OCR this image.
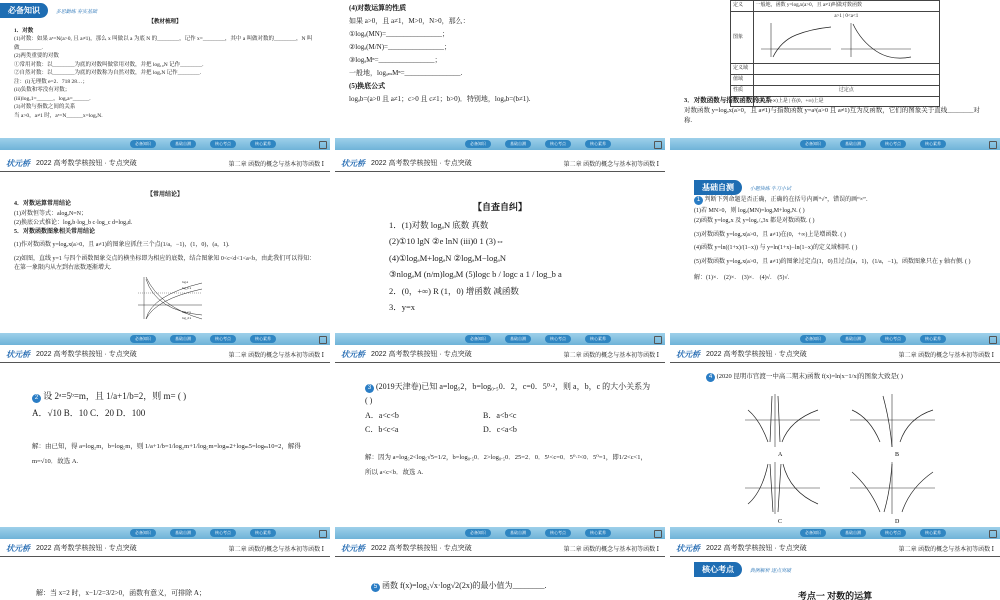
必备知识	多思勤练 夯实基础
【教材梳理】
1．对数
(1)对数：如果 aˣ=N(a>0, 且 a≠1)，那么 x 叫做以 a 为底 N 的________，记作 x=________，其中 a 叫做对数的________，N 叫做________.
(2)两类重要的对数
①常用对数：以________为底的对数叫做常用对数，并把 log₁₀N 记作________.
②自然对数：以________为底的对数称为自然对数，并把 logₑN 记作________.
注：(i)无理数 e=2．718 28…；
(ii)负数和零没有对数；
(iii)logₐ1=______，logₐa=______.
(3)对数与指数之间的关系
当 a>0，a≠1 时，aˣ=N______x=logₐN.
必备知识	基础自测	核心考点	核心素养
(4)对数运算的性质
如果 a>0，且 a≠1，M>0，N>0，那么：
①logₐ(MN)=________________；
②logₐ(M/N)=________________；
③logₐMⁿ=________________；
一般地，logₐₘMⁿ=________________.
(5)换底公式
logₐb=(a>0 且 a≠1；c>0 且 c≠1；b>0)．特别地，logₐb=(b≠1).
必备知识	基础自测	核心考点	核心素养
定义	一般地，函数 y=logₐx(a>0，且 a≠1)叫做对数函数
图象	a>1 | 0<a<1

定义域	
值域	
性质	过定点
	在(0，+∞)上是 | 在(0，+∞)上是
3．对数函数与指数函数的关系
对数函数 y=logₐx(a>0，且 a≠1)与指数函数 y=aˣ(a>0 且 a≠1)互为反函数，它们的图象关于直线________对称.
必备知识	基础自测	核心考点	核心素养
状元桥 2022 高考数学核按钮 · 专点突破	第二章 函数的概念与基本初等函数 Ⅰ
【常用结论】
4．对数运算常用结论
(1)对数恒等式：alogₐN=N；
(2)换底公式推论：logₐb·log_b c·log_c d=logₐd.
5．对数函数图象相关常用结论
(1)作对数函数 y=logₐx(a>0，且 a≠1)的图象应抓住三个点(1/a，−1)，(1，0)，(a，1).
(2)如图，直线 y=1 与四个函数图象交点的横坐标即为相应的底数，结合图象知 0<c<d<1<a<b，由此我们可以得知：在第一象限内从左到右底数逐渐增大.
logₐx
log_b x
log_c x
log_d x
必备知识	基础自测	核心考点	核心素养
状元桥 2022 高考数学核按钮 · 专点突破	第二章 函数的概念与基本初等函数 Ⅰ
【自查自纠】
1．(1)对数 logₐN 底数 真数
(2)①10 lgN ②e lnN (iii)0 1 (3)⇔
(4)①logₐM+logₐN ②logₐM−logₐN
③nlogₐM (n/m)logₐM (5)logc b / logc a 1 / log_b a
2．(0，+∞) R (1，0) 增函数 减函数
3．y=x
必备知识	基础自测	核心考点	核心素养
基础自测	小题快练 牛刀小试
1 判断下列命题是否正确，正确的在括号内画“√”，错误的画“×”．
(1)若 MN>0，则 logₐ(MN)=logₐM+logₐN. ( )
(2)函数 y=log₂x 及 y=log₁/₃3x 都是对数函数. ( )
(3)对数函数 y=logₐx(a>0，且 a≠1)在(0，+∞)上是增函数. ( )
(4)函数 y=ln((1+x)/(1−x)) 与 y=ln(1+x)−ln(1−x)的定义域相同. ( )
(5)对数函数 y=logₐx(a>0，且 a≠1)的图象过定点(1，0)且过点(a，1)，(1/a，−1)，函数图象只在 y 轴右侧. ( )
解：(1)×． (2)×． (3)×． (4)√． (5)√.
必备知识	基础自测	核心考点	核心素养
状元桥 2022 高考数学核按钮 · 专点突破	第二章 函数的概念与基本初等函数 Ⅰ
2 设 2ᵃ=5ᵇ=m，且 1/a+1/b=2，则 m= ( )
A．√10 B．10 C．20 D．100
解：由已知，得 a=log₂m，b=log₅m，则 1/a+1/b=1/log₂m+1/log₅m=logₘ2+logₘ5=logₘ10=2，解得 m=√10．故选 A.
必备知识	基础自测	核心考点	核心素养
状元桥 2022 高考数学核按钮 · 专点突破	第二章 函数的概念与基本初等函数 Ⅰ
3 (2019天津卷)已知 a=log₅2，b=log₀.₅0．2，c=0．5⁰·²，则 a，b，c 的大小关系为( )
A．a<c<b	B．a<b<c
C．b<c<a	D．c<a<b
解：因为 a=log₅2<log₅√5=1/2，b=log₀.₅0．2>log₀.₅0．25=2．0．5¹<c=0．5⁰·²<0．5⁰=1，即1/2<c<1，所以 a<c<b．故选 A.
必备知识	基础自测	核心考点	核心素养
状元桥 2022 高考数学核按钮 · 专点突破	第二章 函数的概念与基本初等函数 Ⅰ
4 (2020 昆明市官渡一中高二期末)函数 f(x)=ln|x−1/x|的图象大致是( )
A	B
C	D
必备知识	基础自测	核心考点	核心素养
状元桥 2022 高考数学核按钮 · 专点突破	第二章 函数的概念与基本初等函数 Ⅰ
解：当 x=2 时，x−1/2=3/2>0，函数有意义，可排除 A；
状元桥 2022 高考数学核按钮 · 专点突破	第二章 函数的概念与基本初等函数 Ⅰ
5 函数 f(x)=log₂√x·log√2(2x)的最小值为________.
状元桥 2022 高考数学核按钮 · 专点突破	第二章 函数的概念与基本初等函数 Ⅰ
核心考点	典例解析 逐点突破
考点一 对数的运算
